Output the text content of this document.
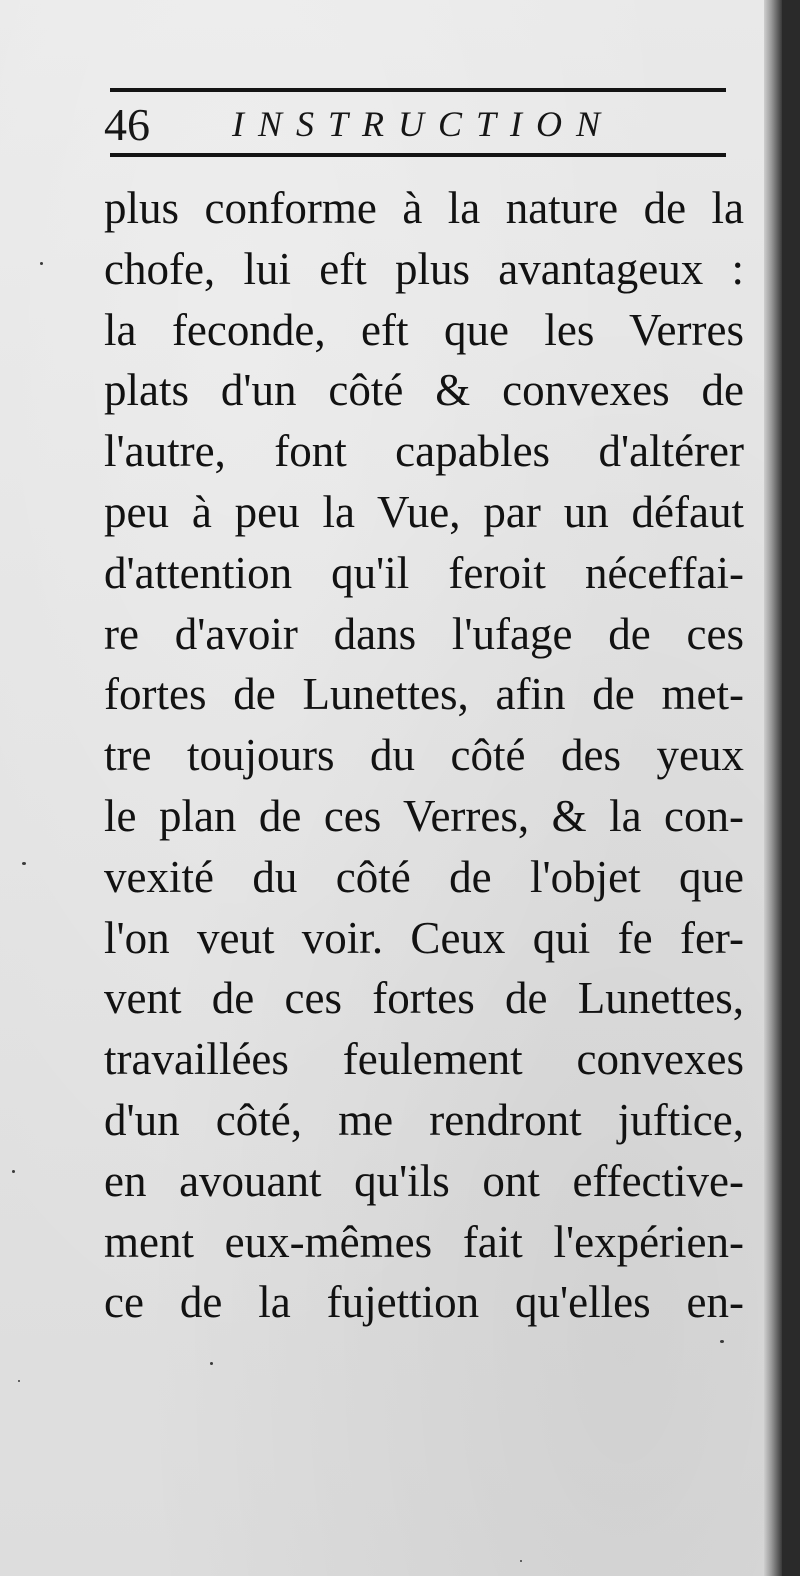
46 INSTRUCTION
plus conforme à la nature de la
chofe, lui eft plus avantageux :
la feconde, eft que les Verres
plats d'un côté & convexes de
l'autre, font capables d'altérer
peu à peu la Vue, par un défaut
d'attention qu'il feroit néceffai-
re d'avoir dans l'ufage de ces
fortes de Lunettes, afin de met-
tre toujours du côté des yeux
le plan de ces Verres, & la con-
vexité du côté de l'objet que
l'on veut voir. Ceux qui fe fer-
vent de ces fortes de Lunettes,
travaillées feulement convexes
d'un côté, me rendront juftice,
en avouant qu'ils ont effective-
ment eux-mêmes fait l'expérien-
ce de la fujettion qu'elles en-
